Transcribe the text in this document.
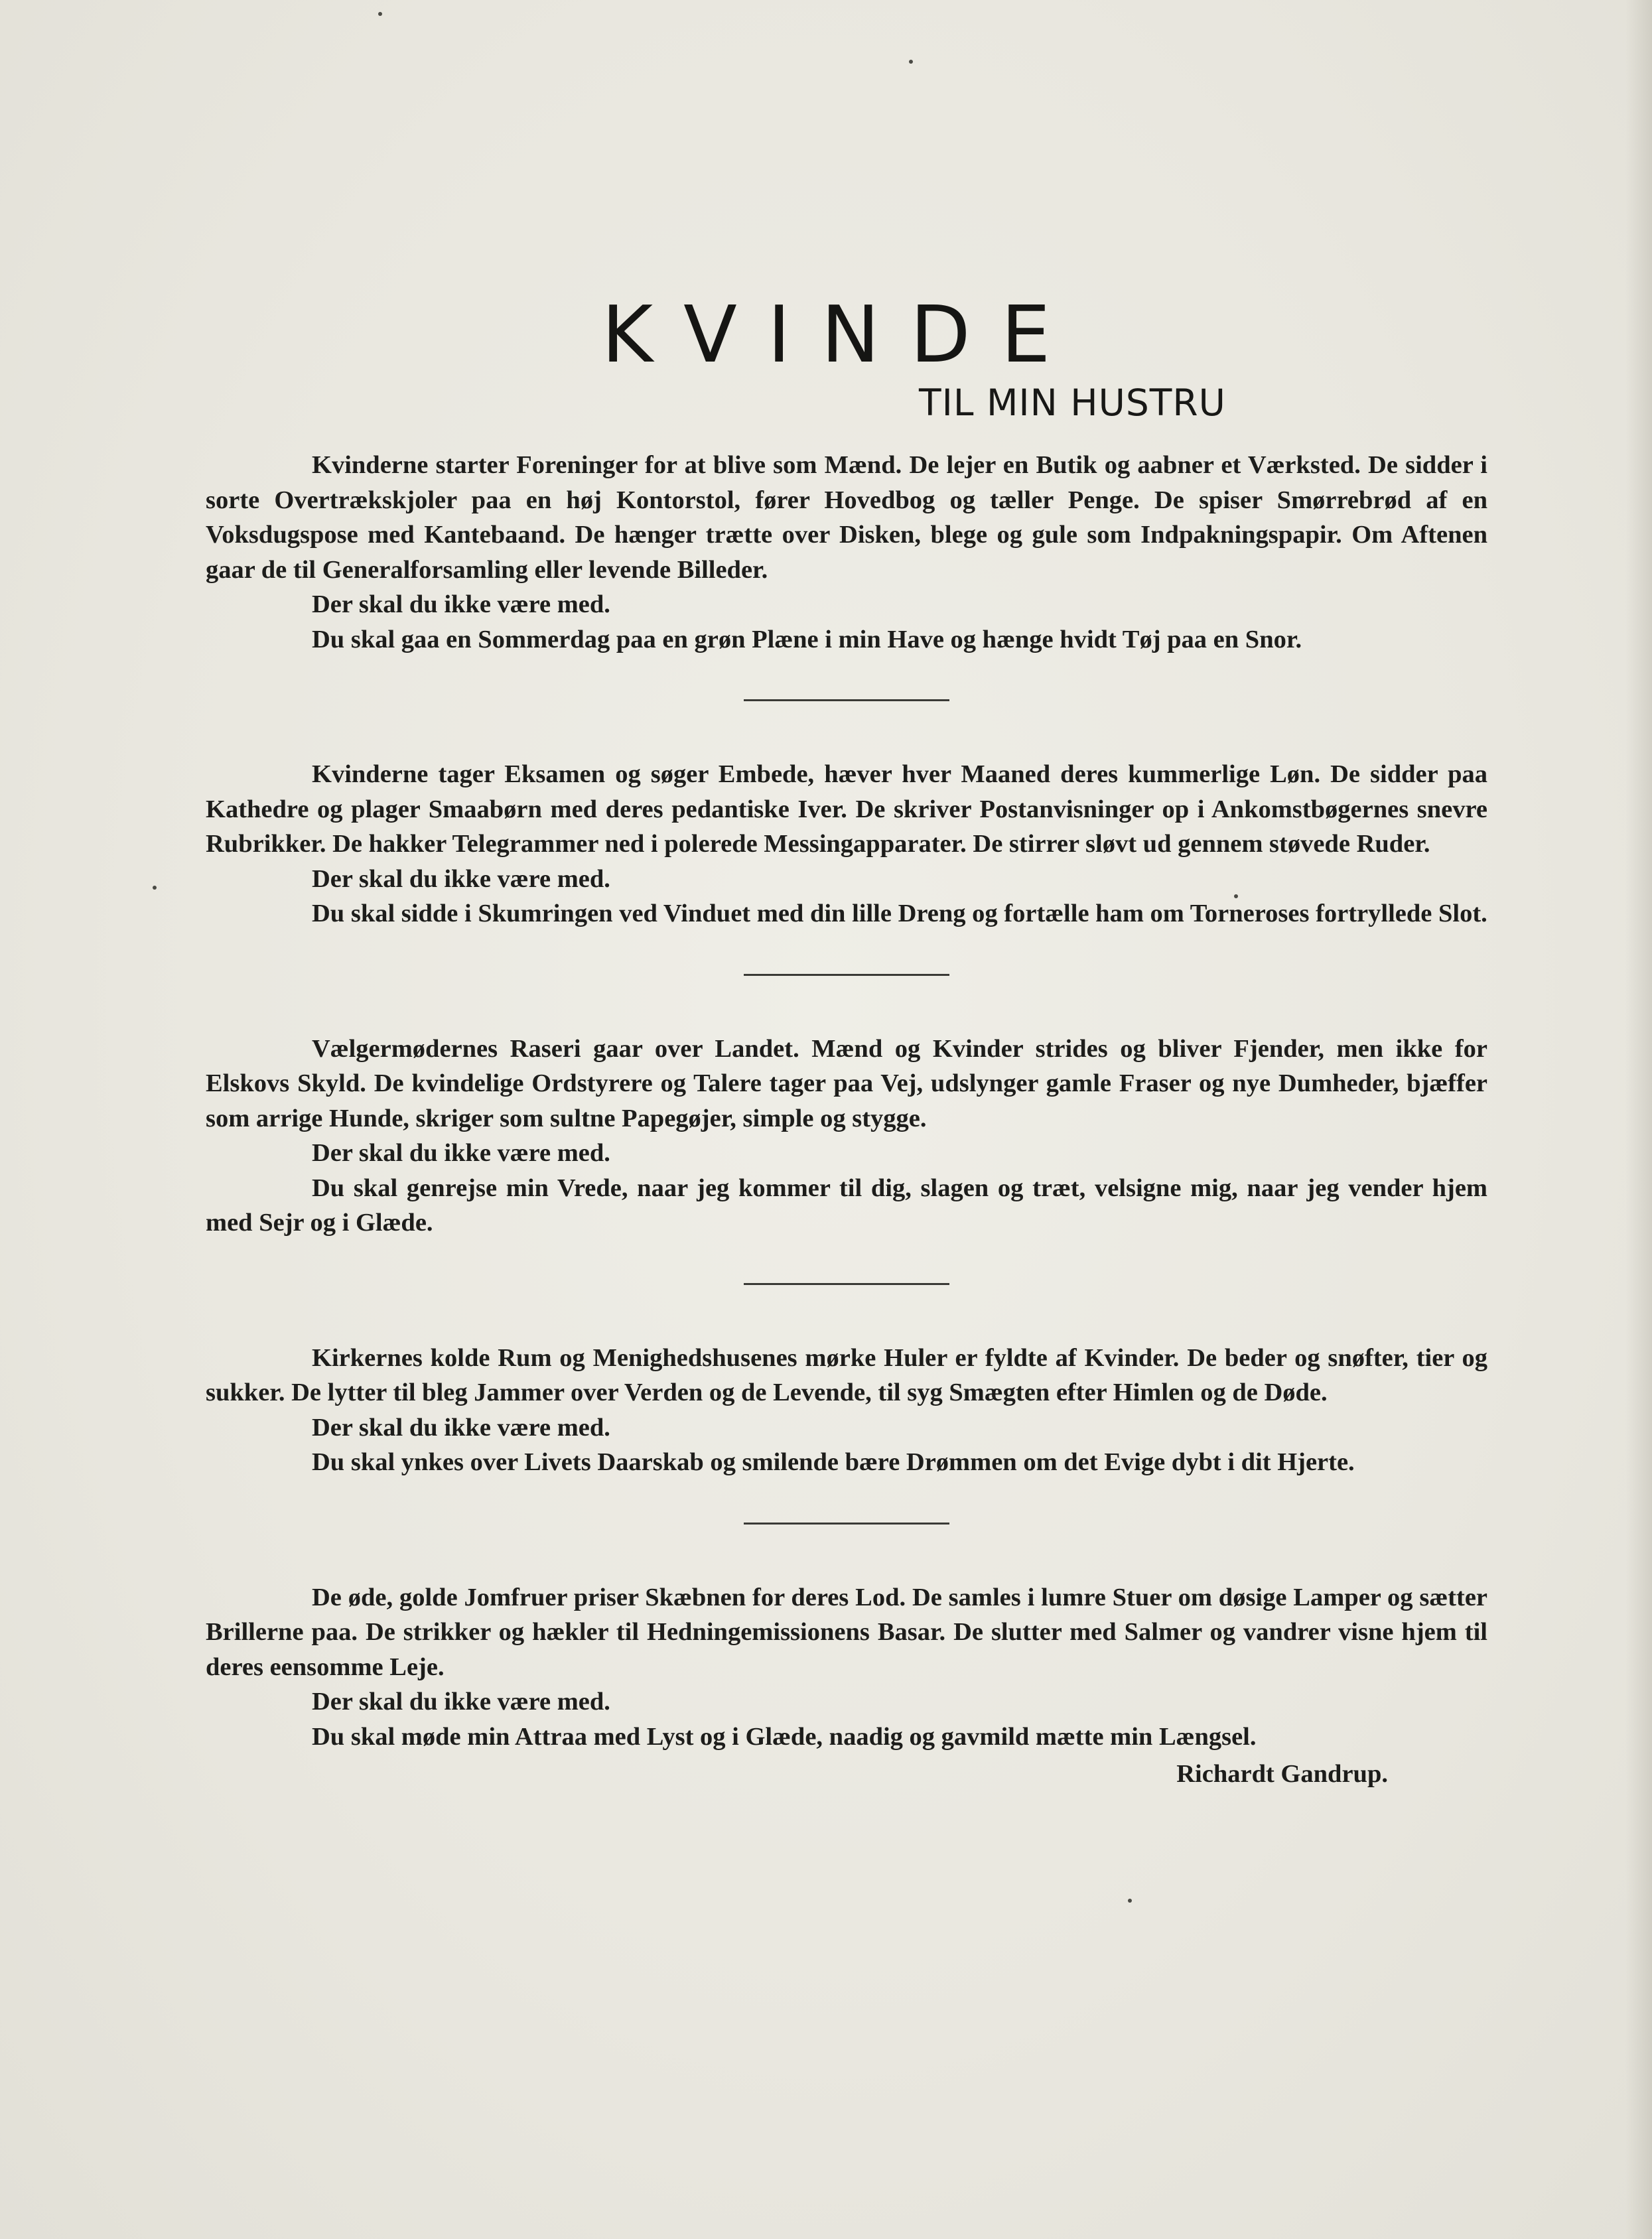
KVINDE
TIL MIN HUSTRU

Kvinderne starter Foreninger for at blive som Mænd. De lejer en Butik og aabner et Værksted. De sidder i sorte Overtrækskjoler paa en høj Kontorstol, fører Hovedbog og tæller Penge. De spiser Smørrebrød af en Voksdugspose med Kantebaand. De hænger trætte over Disken, blege og gule som Indpakningspapir. Om Aftenen gaar de til Generalforsamling eller levende Billeder.

Der skal du ikke være med.

Du skal gaa en Sommerdag paa en grøn Plæne i min Have og hænge hvidt Tøj paa en Snor.

Kvinderne tager Eksamen og søger Embede, hæver hver Maaned deres kummerlige Løn. De sidder paa Kathedre og plager Smaabørn med deres pedantiske Iver. De skriver Postanvisninger op i Ankomstbøgernes snevre Rubrikker. De hakker Telegrammer ned i polerede Messingapparater. De stirrer sløvt ud gennem støvede Ruder.

Der skal du ikke være med.

Du skal sidde i Skumringen ved Vinduet med din lille Dreng og fortælle ham om Torneroses fortryllede Slot.

Vælgermødernes Raseri gaar over Landet. Mænd og Kvinder strides og bliver Fjender, men ikke for Elskovs Skyld. De kvindelige Ordstyrere og Talere tager paa Vej, udslynger gamle Fraser og nye Dumheder, bjæffer som arrige Hunde, skriger som sultne Papegøjer, simple og stygge.

Der skal du ikke være med.

Du skal genrejse min Vrede, naar jeg kommer til dig, slagen og træt, velsigne mig, naar jeg vender hjem med Sejr og i Glæde.

Kirkernes kolde Rum og Menighedshusenes mørke Huler er fyldte af Kvinder. De beder og snøfter, tier og sukker. De lytter til bleg Jammer over Verden og de Levende, til syg Smægten efter Himlen og de Døde.

Der skal du ikke være med.

Du skal ynkes over Livets Daarskab og smilende bære Drømmen om det Evige dybt i dit Hjerte.

De øde, golde Jomfruer priser Skæbnen for deres Lod. De samles i lumre Stuer om døsige Lamper og sætter Brillerne paa. De strikker og hækler til Hedningemissionens Basar. De slutter med Salmer og vandrer visne hjem til deres eensomme Leje.

Der skal du ikke være med.

Du skal møde min Attraa med Lyst og i Glæde, naadig og gavmild mætte min Længsel.

Richardt Gandrup.
